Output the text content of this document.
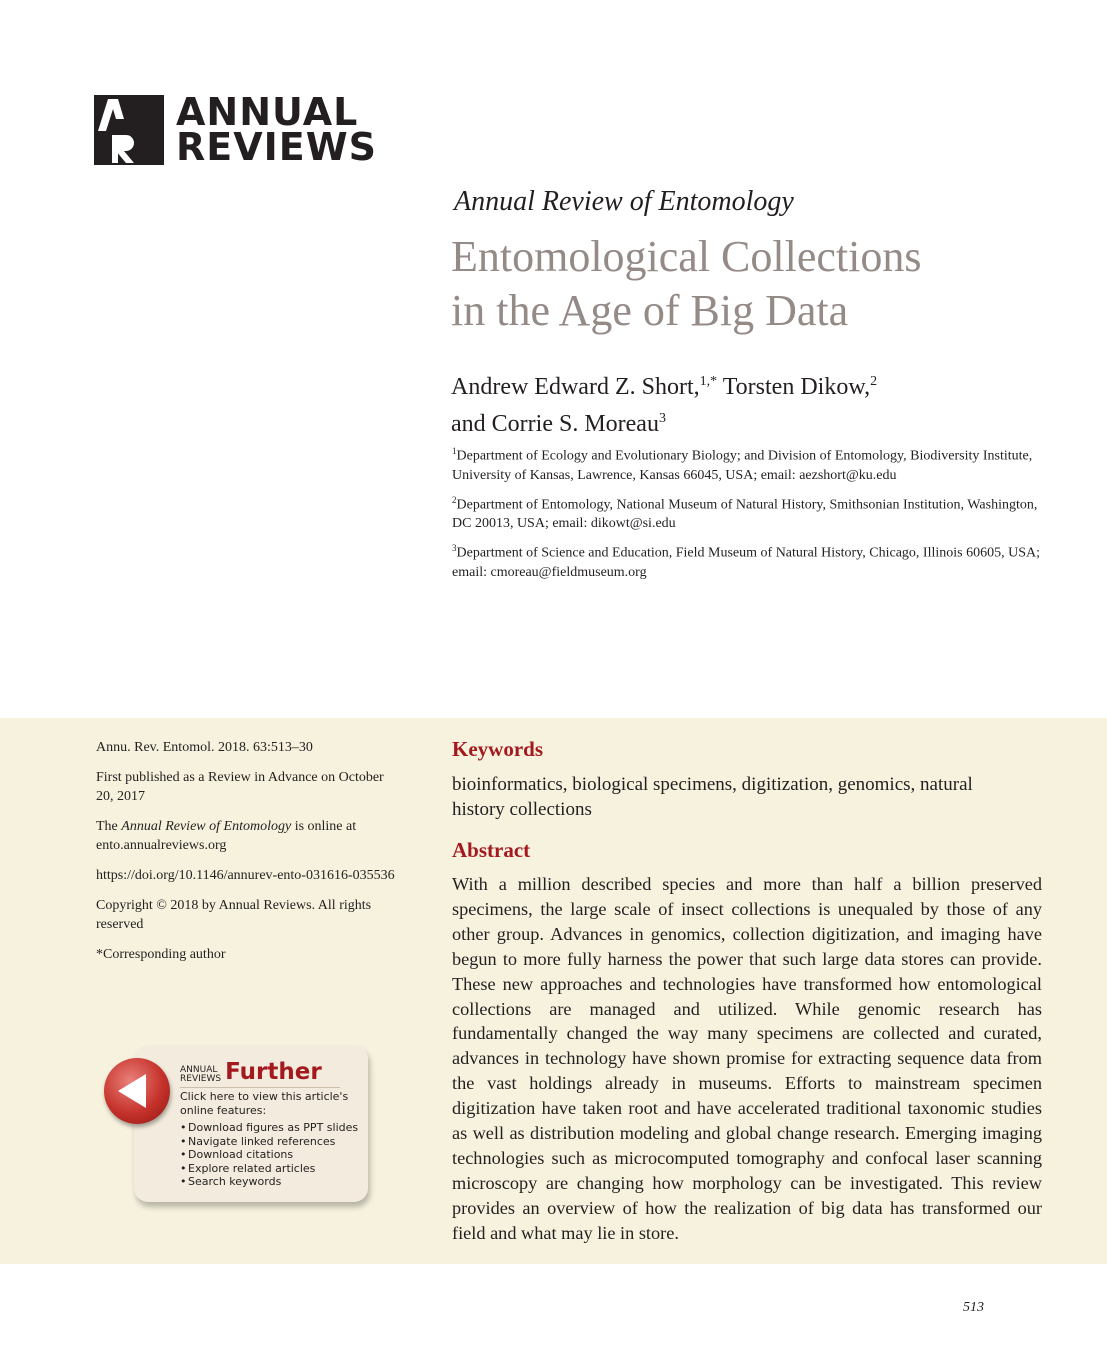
ANNUAL
REVIEWS
Annual Review of Entomology
Entomological Collections
in the Age of Big Data
Andrew Edward Z. Short,$^{1,*}$ Torsten Dikow,$^2$
and Corrie S. Moreau$^3$
$^1$Department of Ecology and Evolutionary Biology; and Division of Entomology, Biodiversity Institute, University of Kansas, Lawrence, Kansas 66045, USA; email: aezshort@ku.edu
$^2$Department of Entomology, National Museum of Natural History, Smithsonian Institution, Washington, DC 20013, USA; email: dikowt@si.edu
$^3$Department of Science and Education, Field Museum of Natural History, Chicago, Illinois 60605, USA; email: cmoreau@fieldmuseum.org

Annu. Rev. Entomol. 2018. 63:513–30

First published as a Review in Advance on October 20, 2017

The Annual Review of Entomology is online at ento.annualreviews.org

https://doi.org/10.1146/annurev-ento-031616-035536

Copyright © 2018 by Annual Reviews. All rights reserved

*Corresponding author

ANNUAL
REVIEWS Further
Click here to view this article's online features:
• Download figures as PPT slides
• Navigate linked references
• Download citations
• Explore related articles
• Search keywords
Keywords
bioinformatics, biological specimens, digitization, genomics, natural history collections
Abstract
With a million described species and more than half a billion preserved specimens, the large scale of insect collections is unequaled by those of any other group. Advances in genomics, collection digitization, and imaging have begun to more fully harness the power that such large data stores can provide. These new approaches and technologies have transformed how entomological collections are managed and utilized. While genomic research has fundamentally changed the way many specimens are collected and curated, advances in technology have shown promise for extracting sequence data from the vast holdings already in museums. Efforts to mainstream specimen digitization have taken root and have accelerated traditional taxonomic studies as well as distribution modeling and global change research. Emerging imaging technologies such as microcomputed tomography and confocal laser scanning microscopy are changing how morphology can be investigated. This review provides an overview of how the realization of big data has transformed our field and what may lie in store.
513
